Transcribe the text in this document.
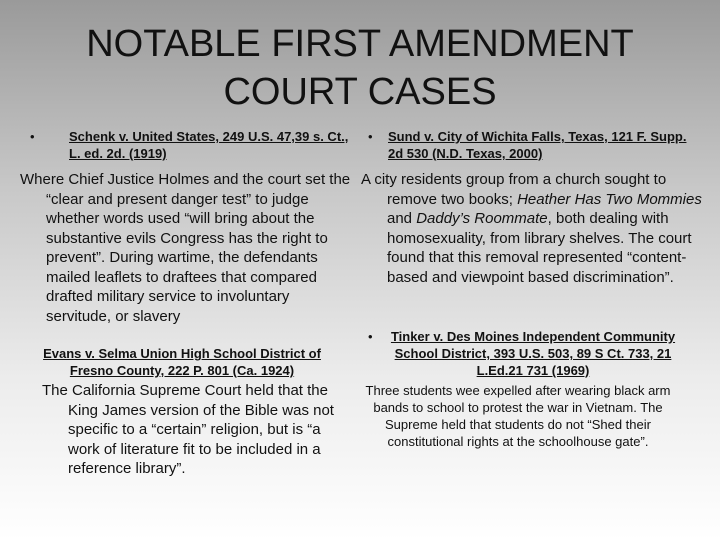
NOTABLE FIRST AMENDMENT
COURT CASES
•	Schenk v. United States, 249 U.S. 47,39 s. Ct., L. ed. 2d. (1919)
Where Chief Justice Holmes and the court set the “clear and present danger test” to judge whether words used “will bring about the substantive evils Congress has the right to prevent”. During wartime, the defendants mailed leaflets to draftees that compared drafted military service to involuntary servitude, or slavery
Evans v. Selma Union High School District of Fresno County, 222 P. 801 (Ca. 1924)
The California Supreme Court held that the King James version of the Bible was not specific to a “certain” religion, but is “a work of literature fit to be included in a reference library”.
•	Sund v. City of Wichita Falls, Texas, 121 F. Supp. 2d 530 (N.D. Texas, 2000)
A city residents group from a church sought to remove two books; Heather Has Two Mommies and Daddy’s Roommate, both dealing with homosexuality, from library shelves. The court found that this removal represented “content-based and viewpoint based discrimination”.
•	Tinker v. Des Moines Independent Community School District, 393 U.S. 503, 89 S Ct. 733, 21 L.Ed.21 731 (1969)
Three students wee expelled after wearing black arm bands to school to protest the war in Vietnam. The Supreme held that students do not “Shed their constitutional rights at the schoolhouse gate”.
